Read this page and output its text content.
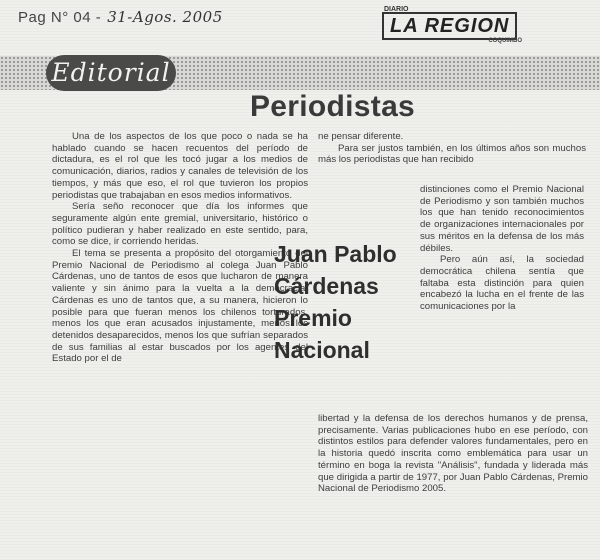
Pag N° 04 - 31-Agos. 2005	DIARIO
LA REGION
COQUIMBO
Editorial
Periodistas

Una de los aspectos de los que poco o nada se ha hablado cuando se hacen recuentos del período de dictadura, es el rol que les tocó jugar a los medios de comunicación, diarios, radios y canales de televisión de los tiempos, y más que eso, el rol que tuvieron los propios periodistas que trabajaban en esos medios informativos.

Sería seño reconocer que día los informes que seguramente algún ente gremial, universitario, histórico o político pudieran y haber realizado en este sentido, para, como se dice, ir corriendo heridas.

El tema se presenta a propósito del otorgamiento del Premio Nacional de Periodismo al colega Juan Pablo Cárdenas, uno de tantos de esos que lucharon de manera valiente y sin ánimo para la vuelta a la democracia. Cárdenas es uno de tantos que, a su manera, hicieron lo posible para que fueran menos los chilenos torturados, menos los que eran acusados injustamente, menos los detenidos desaparecidos, menos los que sufrían separados de sus familias al estar buscados por los agentes del Estado por el de

ne pensar diferente.

Para ser justos también, en los últimos años son muchos más los periodistas que han recibido

distinciones como el Premio Nacional de Periodismo y son también muchos los que han tenido reconocimientos de organizaciones internacionales por sus méritos en la defensa de los más débiles.

Pero aún así, la sociedad democrática chilena sentía que faltaba esta distinción para quien encabezó la lucha en el frente de las comunicaciones por la

Juan Pablo
Cárdenas
Premio
Nacional

libertad y la defensa de los derechos humanos y de prensa, precisamente. Varias publicaciones hubo en ese período, con distintos estilos para defender valores fundamentales, pero en la historia quedó inscrita como emblemática para usar un término en boga la revista "Análisis", fundada y liderada más que dirigida a partir de 1977, por Juan Pablo Cárdenas, Premio Nacional de Periodismo 2005.
